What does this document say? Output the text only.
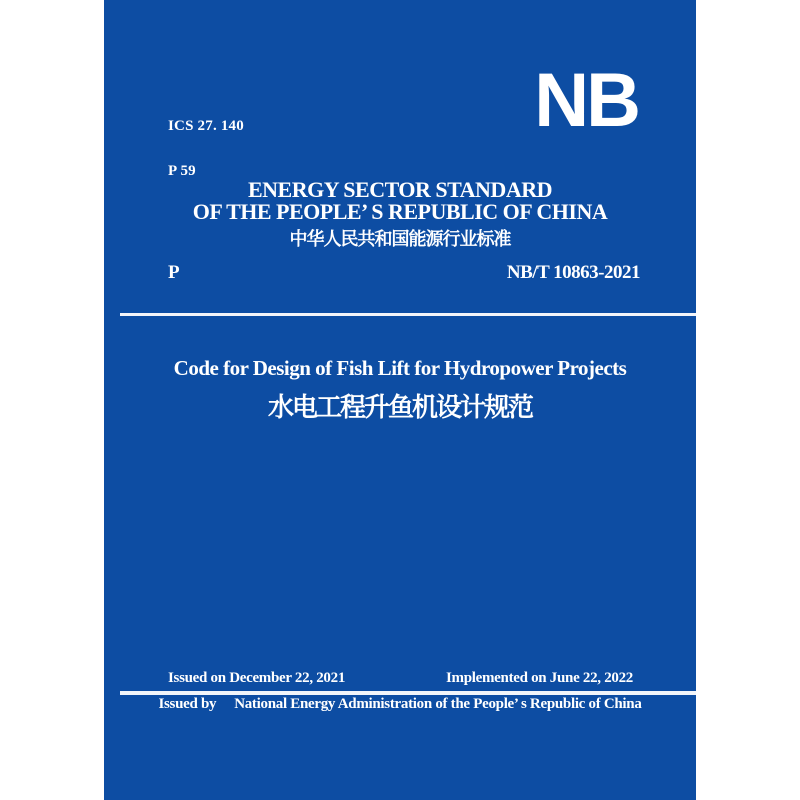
ICS 27. 140

P 59

NB
ENERGY SECTOR STANDARD
OF THE PEOPLE’ S REPUBLIC OF CHINA
中华人民共和国能源行业标准
P	NB/T 10863-2021
Code for Design of Fish Lift for Hydropower Projects
水电工程升鱼机设计规范
Issued on December 22, 2021	Implemented on June 22, 2022
Issued by National Energy Administration of the People’ s Republic of China
